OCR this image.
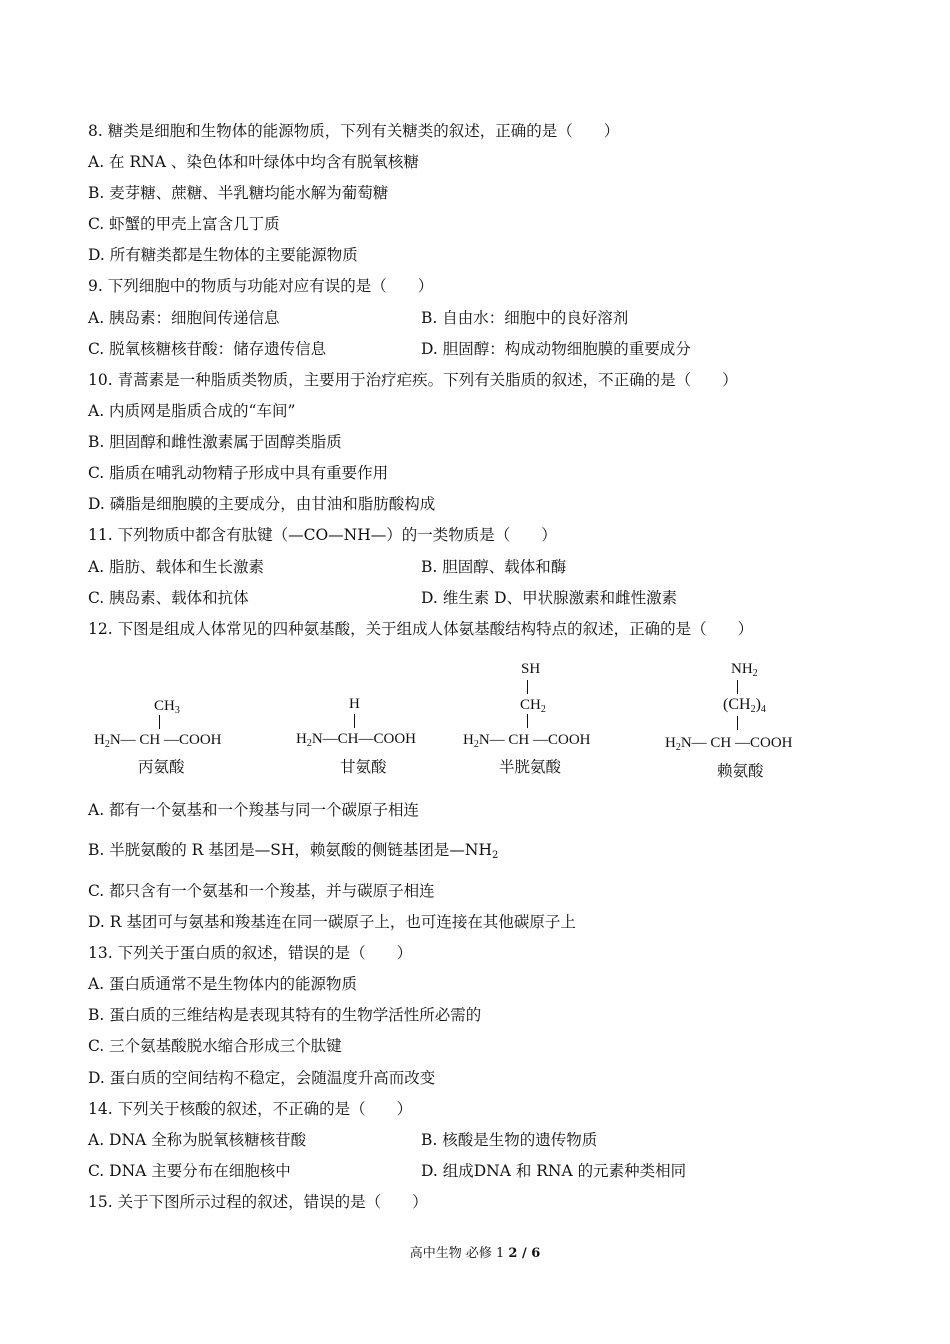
8. 糖类是细胞和生物体的能源物质，下列有关糖类的叙述，正确的是（　　）
A. 在 RNA 、染色体和叶绿体中均含有脱氧核糖
B. 麦芽糖、蔗糖、半乳糖均能水解为葡萄糖
C. 虾蟹的甲壳上富含几丁质
D. 所有糖类都是生物体的主要能源物质
9. 下列细胞中的物质与功能对应有误的是（　　）
A. 胰岛素：细胞间传递信息	B. 自由水：细胞中的良好溶剂
C. 脱氧核糖核苷酸：储存遗传信息	D. 胆固醇：构成动物细胞膜的重要成分
10. 青蒿素是一种脂质类物质，主要用于治疗疟疾。下列有关脂质的叙述，不正确的是（　　）
A. 内质网是脂质合成的“车间”
B. 胆固醇和雌性激素属于固醇类脂质
C. 脂质在哺乳动物精子形成中具有重要作用
D. 磷脂是细胞膜的主要成分，由甘油和脂肪酸构成
11. 下列物质中都含有肽键（—CO—NH—）的一类物质是（　　）
A. 脂肪、载体和生长激素	B. 胆固醇、载体和酶
C. 胰岛素、载体和抗体	D. 维生素 D、甲状腺激素和雌性激素
12. 下图是组成人体常见的四种氨基酸，关于组成人体氨基酸结构特点的叙述，正确的是（　　）
$CH_3$
$H_2N—$ CH —COOH
丙氨酸
H
$H_2N—CH—COOH$
甘氨酸
SH
$CH_2$
$H_2N—$ CH —COOH
半胱氨酸
$NH_2$
$(CH_2)_4$
$H_2N—$ CH —COOH
赖氨酸
A. 都有一个氨基和一个羧基与同一个碳原子相连
B. 半胱氨酸的 R 基团是—SH，赖氨酸的侧链基团是$—NH_2$
C. 都只含有一个氨基和一个羧基，并与碳原子相连
D. R 基团可与氨基和羧基连在同一碳原子上，也可连接在其他碳原子上
13. 下列关于蛋白质的叙述，错误的是（　　）
A. 蛋白质通常不是生物体内的能源物质
B. 蛋白质的三维结构是表现其特有的生物学活性所必需的
C. 三个氨基酸脱水缩合形成三个肽键
D. 蛋白质的空间结构不稳定，会随温度升高而改变
14. 下列关于核酸的叙述，不正确的是（　　）
A. DNA 全称为脱氧核糖核苷酸	B. 核酸是生物的遗传物质
C. DNA 主要分布在细胞核中	D. 组成DNA 和 RNA 的元素种类相同
15. 关于下图所示过程的叙述，错误的是（　　）
高中生物 必修 1 2 / 6
